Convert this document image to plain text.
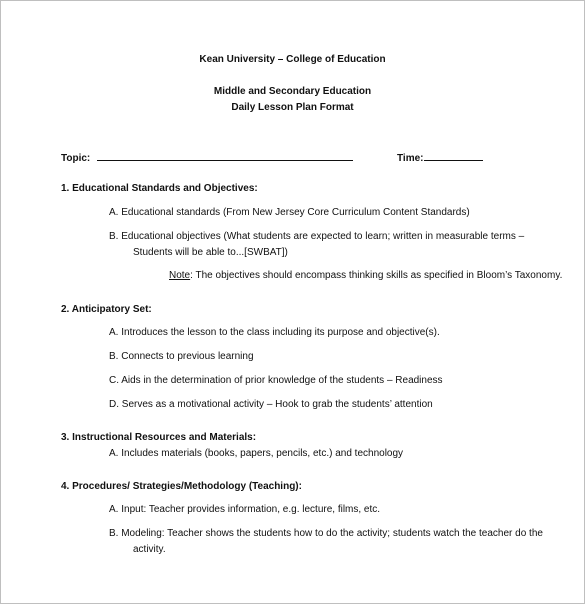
Kean University – College of Education
Middle and Secondary Education
Daily Lesson Plan Format
Topic:	Time:
1. Educational Standards and Objectives:
A. Educational standards (From New Jersey Core Curriculum Content Standards)
B. Educational objectives (What students are expected to learn; written in measurable terms –
Students will be able to...[SWBAT])
Note: The objectives should encompass thinking skills as specified in Bloom’s Taxonomy.
2. Anticipatory Set:
A. Introduces the lesson to the class including its purpose and objective(s).
B. Connects to previous learning
C. Aids in the determination of prior knowledge of the students – Readiness
D. Serves as a motivational activity – Hook to grab the students’ attention
3. Instructional Resources and Materials:
A. Includes materials (books, papers, pencils, etc.) and technology
4. Procedures/ Strategies/Methodology (Teaching):
A. Input: Teacher provides information, e.g. lecture, films, etc.
B. Modeling: Teacher shows the students how to do the activity; students watch the teacher do the
activity.
